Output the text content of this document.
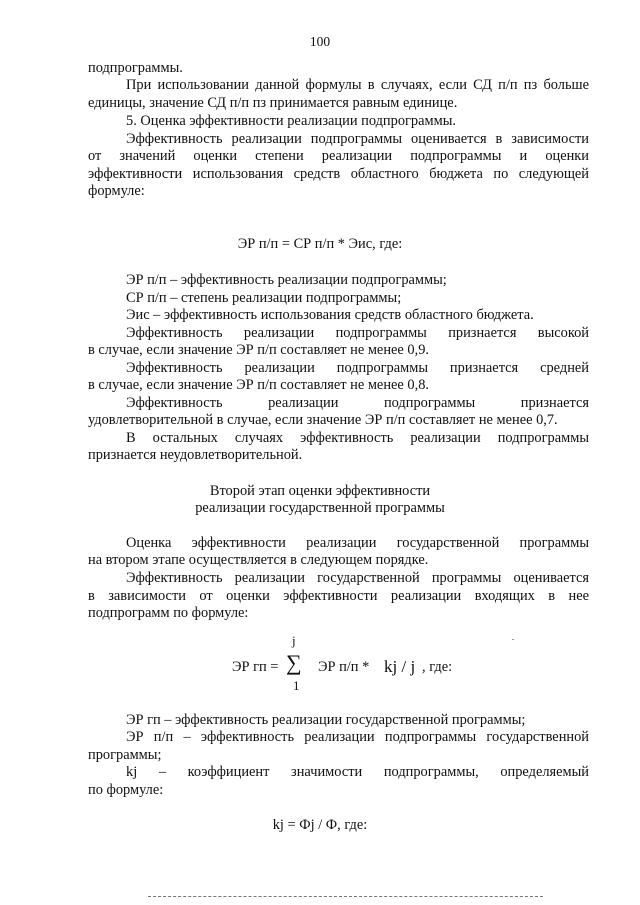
100
подпрограммы.
При использовании данной формулы в случаях, если СД п/п пз больше
единицы, значение СД п/п пз принимается равным единице.
5. Оценка эффективности реализации подпрограммы.
Эффективность реализации подпрограммы оценивается в зависимости
от значений оценки степени реализации подпрограммы и оценки
эффективности использования средств областного бюджета по следующей
формуле:
ЭР п/п = СР п/п * Эис, где:
ЭР п/п – эффективность реализации подпрограммы;
СР п/п – степень реализации подпрограммы;
Эис – эффективность использования средств областного бюджета.
Эффективность реализации подпрограммы признается высокой
в случае, если значение ЭР п/п составляет не менее 0,9.
Эффективность реализации подпрограммы признается средней
в случае, если значение ЭР п/п составляет не менее 0,8.
Эффективность реализации подпрограммы признается
удовлетворительной в случае, если значение ЭР п/п составляет не менее 0,7.
В остальных случаях эффективность реализации подпрограммы
признается неудовлетворительной.
Второй этап оценки эффективности
реализации государственной программы
Оценка эффективности реализации государственной программы
на втором этапе осуществляется в следующем порядке.
Эффективность реализации государственной программы оценивается
в зависимости от оценки эффективности реализации входящих в нее
подпрограмм по формуле:
ЭР гп =
j
∑
1
ЭР п/п * kj / j , где:
ЭР гп – эффективность реализации государственной программы;
ЭР п/п – эффективность реализации подпрограммы государственной
программы;
kj – коэффициент значимости подпрограммы, определяемый
по формуле:
kj = Фj / Ф, где:
